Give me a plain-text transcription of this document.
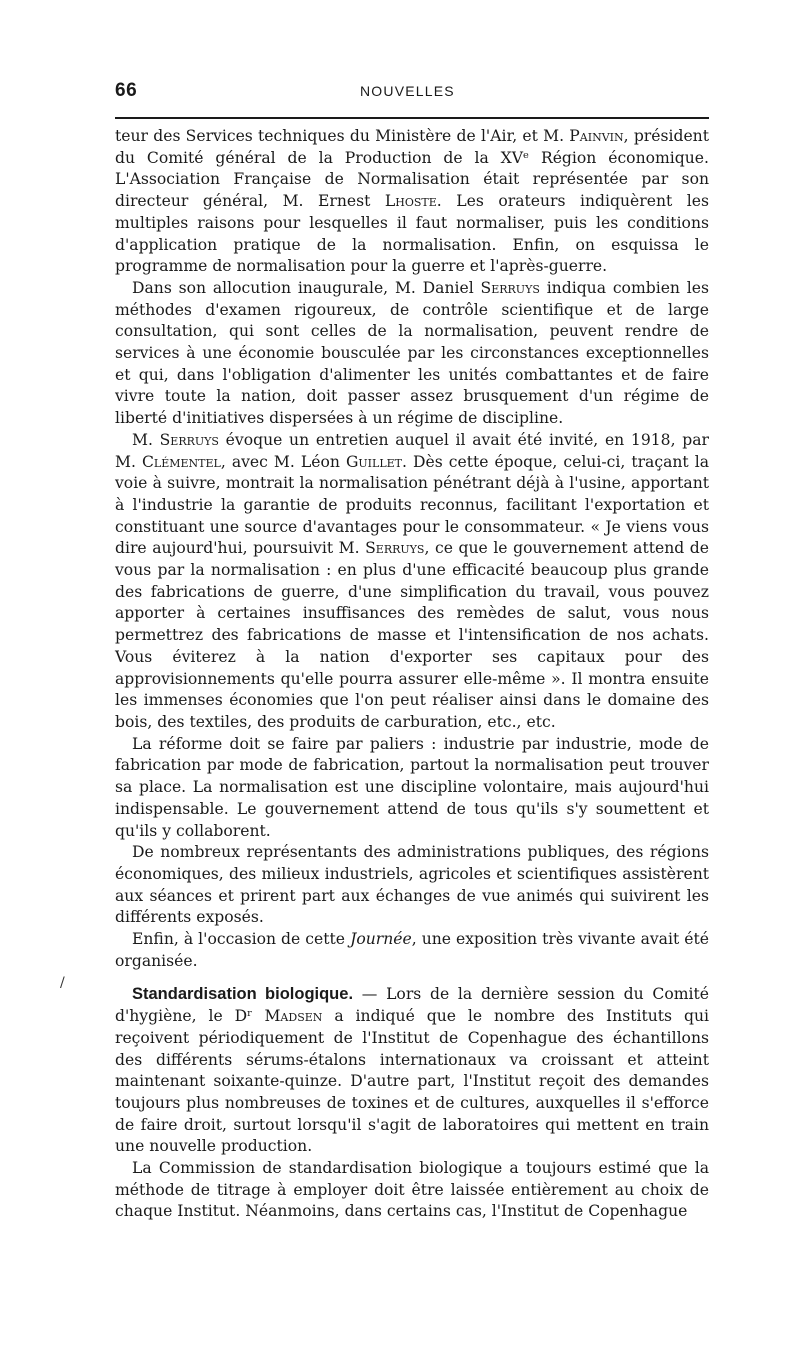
66	NOUVELLES
/

teur des Services techniques du Ministère de l'Air, et M. Painvin, président du Comité général de la Production de la XVᵉ Région économique. L'Association Française de Normalisation était représentée par son directeur général, M. Ernest Lhoste. Les orateurs indiquèrent les multiples raisons pour lesquelles il faut normaliser, puis les conditions d'application pratique de la normalisation. Enfin, on esquissa le programme de normalisation pour la guerre et l'après-guerre.

Dans son allocution inaugurale, M. Daniel Serruys indiqua combien les méthodes d'examen rigoureux, de contrôle scientifique et de large consultation, qui sont celles de la normalisation, peuvent rendre de services à une économie bousculée par les circonstances exceptionnelles et qui, dans l'obligation d'alimenter les unités combattantes et de faire vivre toute la nation, doit passer assez brusquement d'un régime de liberté d'initiatives dispersées à un régime de discipline.

M. Serruys évoque un entretien auquel il avait été invité, en 1918, par M. Clémentel, avec M. Léon Guillet. Dès cette époque, celui-ci, traçant la voie à suivre, montrait la normalisation pénétrant déjà à l'usine, apportant à l'industrie la garantie de produits reconnus, facilitant l'exportation et constituant une source d'avantages pour le consommateur. « Je viens vous dire aujourd'hui, poursuivit M. Serruys, ce que le gouvernement attend de vous par la normalisation : en plus d'une efficacité beaucoup plus grande des fabrications de guerre, d'une simplification du travail, vous pouvez apporter à certaines insuffisances des remèdes de salut, vous nous permettrez des fabrications de masse et l'intensification de nos achats. Vous éviterez à la nation d'exporter ses capitaux pour des approvisionnements qu'elle pourra assurer elle-même ». Il montra ensuite les immenses économies que l'on peut réaliser ainsi dans le domaine des bois, des textiles, des produits de carburation, etc., etc.

La réforme doit se faire par paliers : industrie par industrie, mode de fabrication par mode de fabrication, partout la normalisation peut trouver sa place. La normalisation est une discipline volontaire, mais aujourd'hui indispensable. Le gouvernement attend de tous qu'ils s'y soumettent et qu'ils y collaborent.

De nombreux représentants des administrations publiques, des régions économiques, des milieux industriels, agricoles et scientifiques assistèrent aux séances et prirent part aux échanges de vue animés qui suivirent les différents exposés.

Enfin, à l'occasion de cette Journée, une exposition très vivante avait été organisée.

Standardisation biologique. — Lors de la dernière session du Comité d'hygiène, le Dʳ Madsen a indiqué que le nombre des Instituts qui reçoivent périodiquement de l'Institut de Copenhague des échantillons des différents sérums-étalons internationaux va croissant et atteint maintenant soixante-quinze. D'autre part, l'Institut reçoit des demandes toujours plus nombreuses de toxines et de cultures, auxquelles il s'efforce de faire droit, surtout lorsqu'il s'agit de laboratoires qui mettent en train une nouvelle production.

La Commission de standardisation biologique a toujours estimé que la méthode de titrage à employer doit être laissée entièrement au choix de chaque Institut. Néanmoins, dans certains cas, l'Institut de Copenhague
